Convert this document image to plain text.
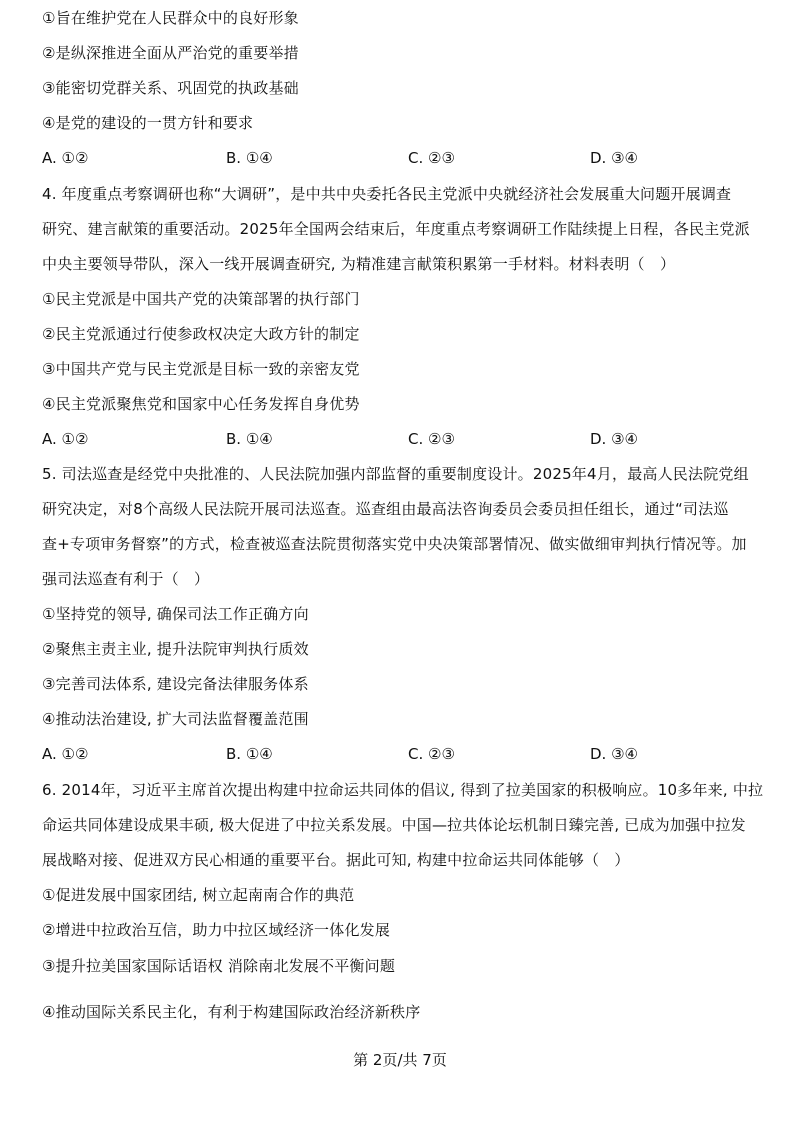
①旨在维护党在人民群众中的良好形象
②是纵深推进全面从严治党的重要举措
③能密切党群关系、巩固党的执政基础
④是党的建设的一贯方针和要求
A. ①②	B. ①④	C. ②③	D. ③④
4. 年度重点考察调研也称“大调研”，是中共中央委托各民主党派中央就经济社会发展重大问题开展调查
研究、建言献策的重要活动。2025年全国两会结束后，年度重点考察调研工作陆续提上日程，各民主党派
中央主要领导带队，深入一线开展调查研究, 为精准建言献策积累第一手材料。材料表明（　）
①民主党派是中国共产党的决策部署的执行部门
②民主党派通过行使参政权决定大政方针的制定
③中国共产党与民主党派是目标一致的亲密友党
④民主党派聚焦党和国家中心任务发挥自身优势
A. ①②	B. ①④	C. ②③	D. ③④
5. 司法巡查是经党中央批准的、人民法院加强内部监督的重要制度设计。2025年4月，最高人民法院党组
研究决定，对8个高级人民法院开展司法巡查。巡查组由最高法咨询委员会委员担任组长，通过“司法巡
查+专项审务督察”的方式，检查被巡查法院贯彻落实党中央决策部署情况、做实做细审判执行情况等。加
强司法巡查有利于（　）
①坚持党的领导, 确保司法工作正确方向
②聚焦主责主业, 提升法院审判执行质效
③完善司法体系, 建设完备法律服务体系
④推动法治建设, 扩大司法监督覆盖范围
A. ①②	B. ①④	C. ②③	D. ③④
6. 2014年，习近平主席首次提出构建中拉命运共同体的倡议, 得到了拉美国家的积极响应。10多年来, 中拉
命运共同体建设成果丰硕, 极大促进了中拉关系发展。中国—拉共体论坛机制日臻完善, 已成为加强中拉发
展战略对接、促进双方民心相通的重要平台。据此可知, 构建中拉命运共同体能够（　）
①促进发展中国家团结, 树立起南南合作的典范
②增进中拉政治互信，助力中拉区域经济一体化发展
③提升拉美国家国际话语权 消除南北发展不平衡问题
④推动国际关系民主化，有利于构建国际政治经济新秩序
第 2页/共 7页
